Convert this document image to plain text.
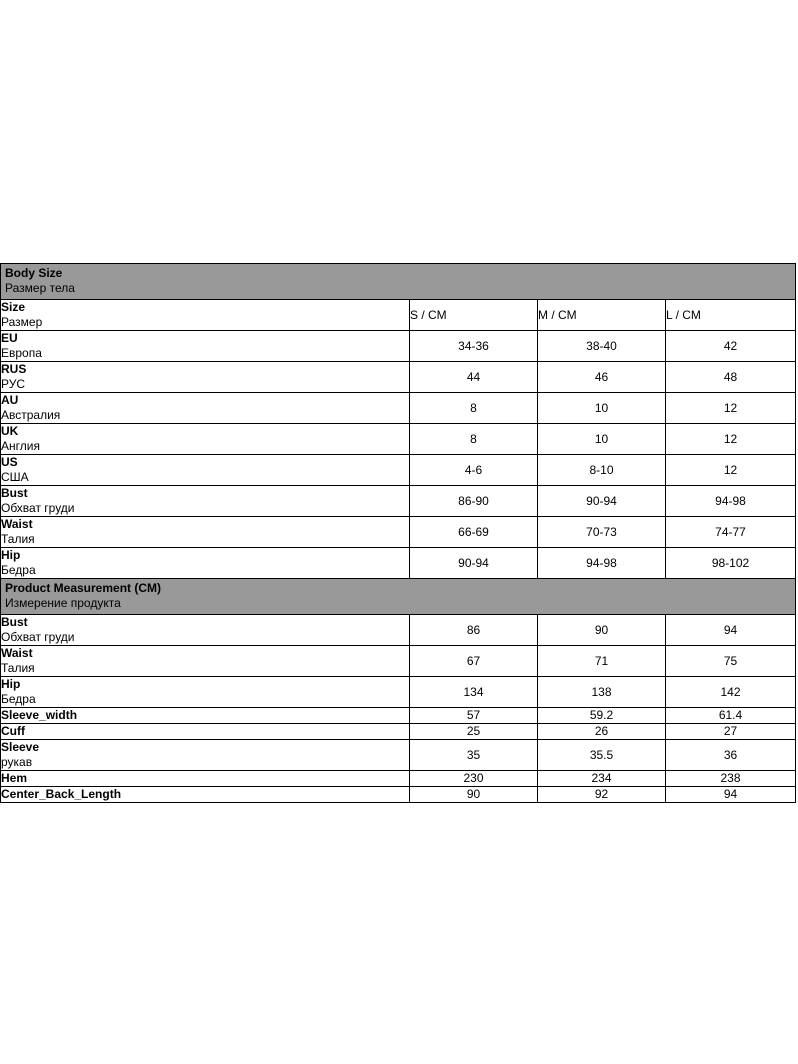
Body Size
Размер тела			

Size
Размер	S / CM	M / CM	L / CM

EU
Европа	34-36	38-40	42

RUS
РУС	44	46	48

AU
Австралия	8	10	12

UK
Англия	8	10	12

US
США	4-6	8-10	12

Bust
Обхват груди	86-90	90-94	94-98

Waist
Талия	66-69	70-73	74-77

Hip
Бедра	90-94	94-98	98-102

Product Measurement (CM)
Измерение продукта			

Bust
Обхват груди	86	90	94

Waist
Талия	67	71	75

Hip
Бедра	134	138	142

Sleeve_width	57	59.2	61.4

Cuff	25	26	27

Sleeve
рукав	35	35.5	36

Hem	230	234	238

Center_Back_Length	90	92	94
